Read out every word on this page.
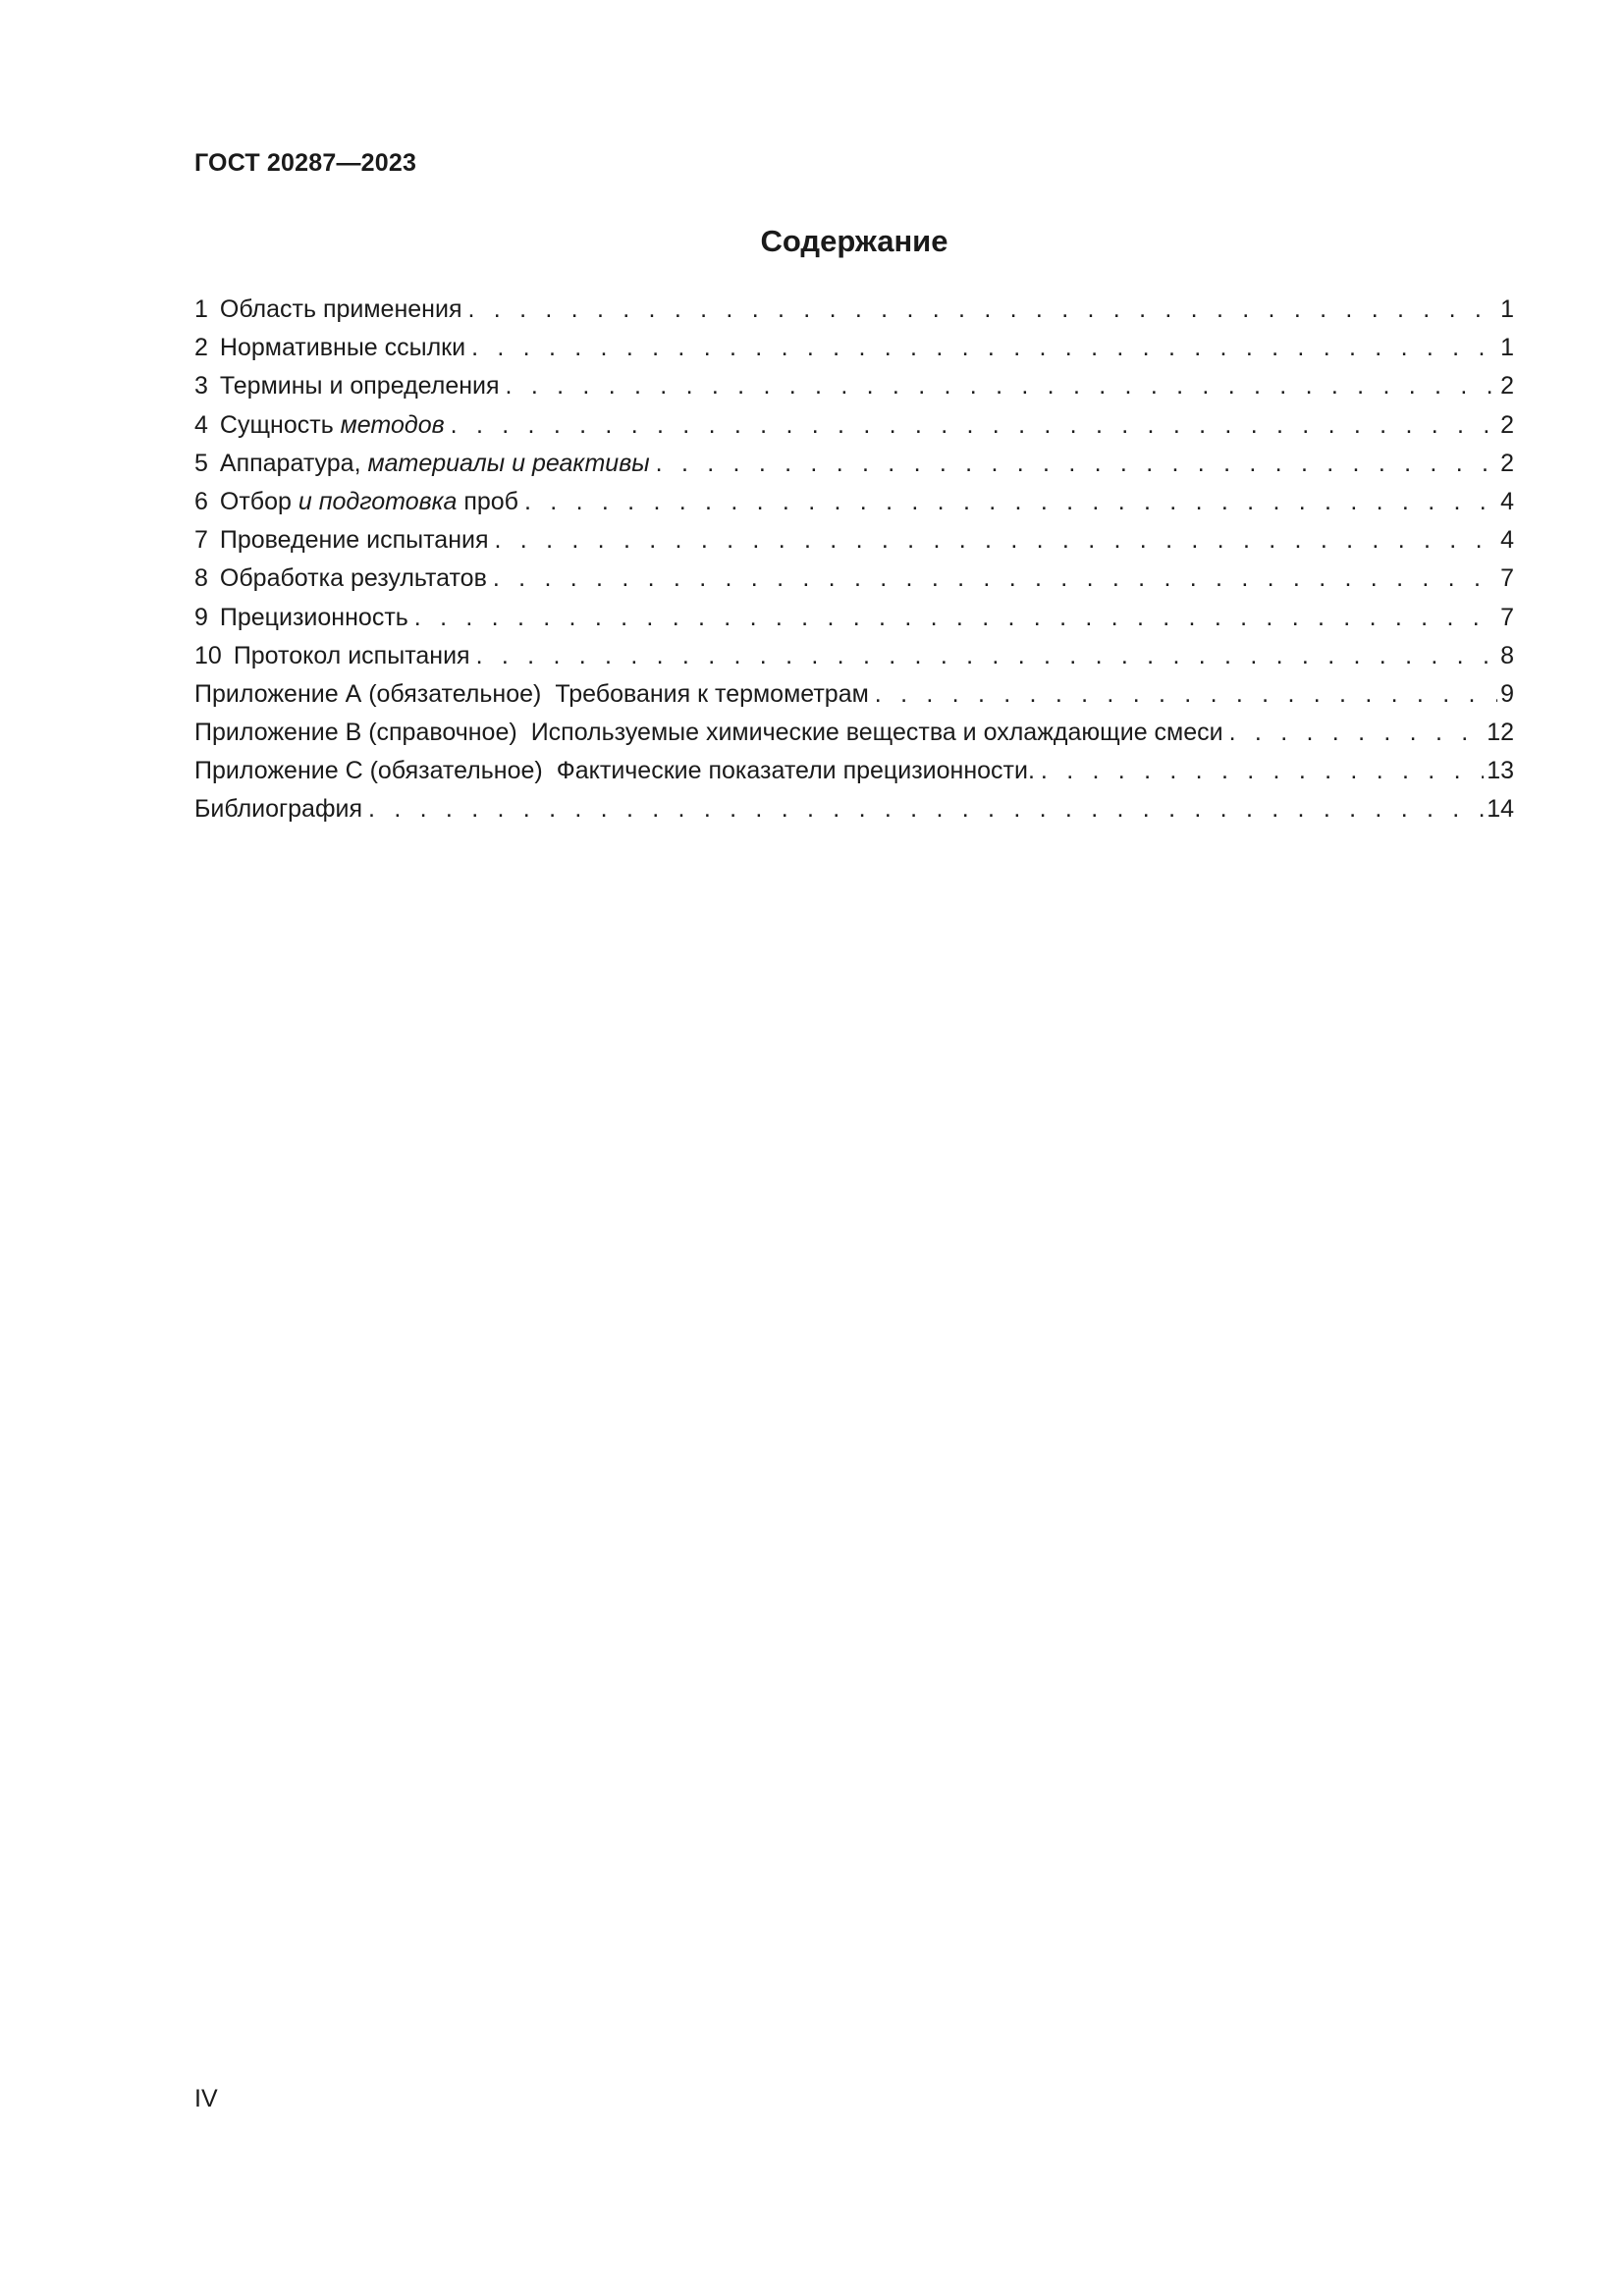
ГОСТ 20287—2023
Содержание
1 Область применения . . .	1
2 Нормативные ссылки . . .	1
3 Термины и определения . . .	2
4 Сущность методов . . .	2
5 Аппаратура, материалы и реактивы . . .	2
6 Отбор и подготовка проб . . .	4
7 Проведение испытания . . .	4
8 Обработка результатов . . .	7
9 Прецизионность . . .	7
10 Протокол испытания . . .	8
Приложение А (обязательное) Требования к термометрам . . .	9
Приложение В (справочное) Используемые химические вещества и охлаждающие смеси . . .	12
Приложение С (обязательное) Фактические показатели прецизионности. . . .	13
Библиография . . .	14
IV
